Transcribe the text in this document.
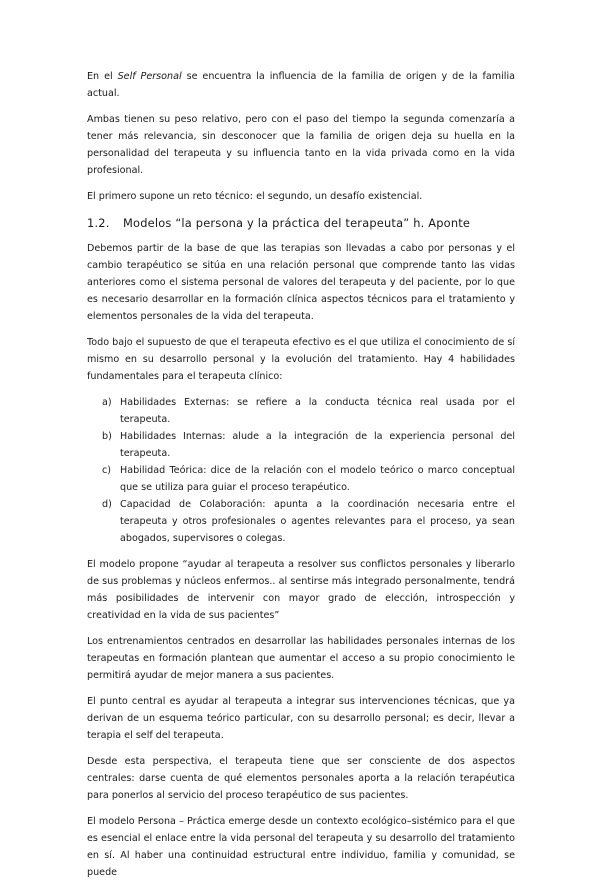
En el Self Personal se encuentra la influencia de la familia de origen y de la familia actual.

Ambas tienen su peso relativo, pero con el paso del tiempo la segunda comenzaría a tener más relevancia, sin desconocer que la familia de origen deja su huella en la personalidad del terapeuta y su influencia tanto en la vida privada como en la vida profesional.

El primero supone un reto técnico: el segundo, un desafío existencial.

1.2. Modelos “la persona y la práctica del terapeuta” h. Aponte

Debemos partir de la base de que las terapias son llevadas a cabo por personas y el cambio terapéutico se sitúa en una relación personal que comprende tanto las vidas anteriores como el sistema personal de valores del terapeuta y del paciente, por lo que es necesario desarrollar en la formación clínica aspectos técnicos para el tratamiento y elementos personales de la vida del terapeuta.

Todo bajo el supuesto de que el terapeuta efectivo es el que utiliza el conocimiento de sí mismo en su desarrollo personal y la evolución del tratamiento. Hay 4 habilidades fundamentales para el terapeuta clínico:

a) Habilidades Externas: se refiere a la conducta técnica real usada por el terapeuta.
b) Habilidades Internas: alude a la integración de la experiencia personal del terapeuta.
c) Habilidad Teórica: dice de la relación con el modelo teórico o marco conceptual que se utiliza para guiar el proceso terapéutico.
d) Capacidad de Colaboración: apunta a la coordinación necesaria entre el terapeuta y otros profesionales o agentes relevantes para el proceso, ya sean abogados, supervisores o colegas.

El modelo propone “ayudar al terapeuta a resolver sus conflictos personales y liberarlo de sus problemas y núcleos enfermos.. al sentirse más integrado personalmente, tendrá más posibilidades de intervenir con mayor grado de elección, introspección y creatividad en la vida de sus pacientes”

Los entrenamientos centrados en desarrollar las habilidades personales internas de los terapeutas en formación plantean que aumentar el acceso a su propio conocimiento le permitirá ayudar de mejor manera a sus pacientes.

El punto central es ayudar al terapeuta a integrar sus intervenciones técnicas, que ya derivan de un esquema teórico particular, con su desarrollo personal; es decir, llevar a terapia el self del terapeuta.

Desde esta perspectiva, el terapeuta tiene que ser consciente de dos aspectos centrales: darse cuenta de qué elementos personales aporta a la relación terapéutica para ponerlos al servicio del proceso terapéutico de sus pacientes.

El modelo Persona – Práctica emerge desde un contexto ecológico–sistémico para el que es esencial el enlace entre la vida personal del terapeuta y su desarrollo del tratamiento en sí. Al haber una continuidad estructural entre individuo, familia y comunidad, se puede
